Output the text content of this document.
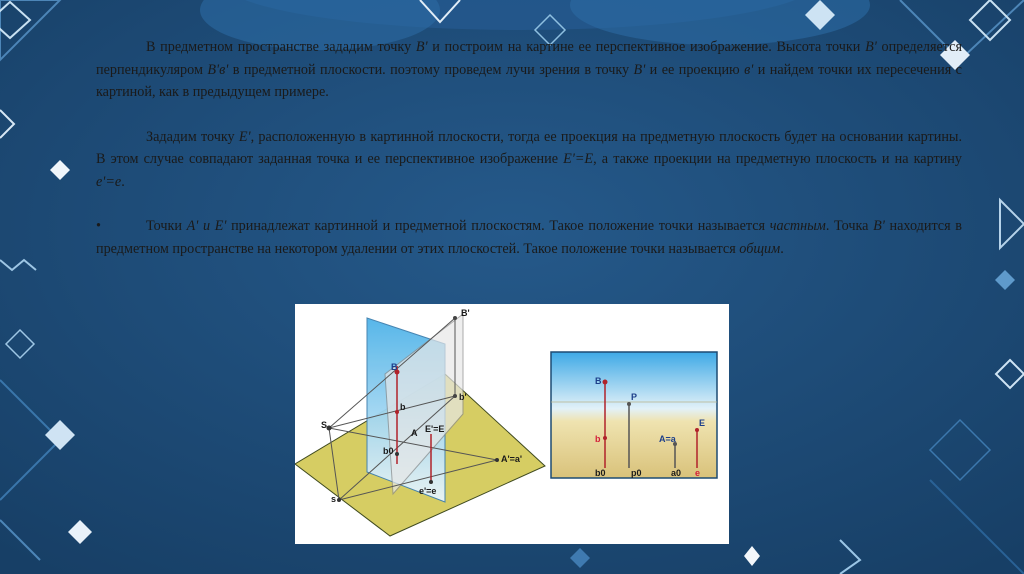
В предметном пространстве зададим точку B' и построим на картине ее перспективное изображение. Высота точки B' определяется перпендикуляром B'в' в предметной плоскости. поэтому проведем лучи зрения в точку B' и ее проекцию в' и найдем точки их пересечения с картиной, как в предыдущем примере.

Зададим точку E', расположенную в картинной плоскости, тогда ее проекция на предметную плоскость будет на основании картины. В этом случае совпадают заданная точка и ее перспективное изображение E'=E, а также проекции на предметную плоскость и на картину e'=e.

•	Точки A' и E' принадлежат картинной и предметной плоскостям. Такое положение точки называется частным. Точка B' находится в предметном пространстве на некотором удалении от этих плоскостей. Такое положение точки называется общим.

B'
B
b
b'
S
s
A E'=E
b0
A'=a'
e'=e
B
P
b	A=a
E
b0	p0	a0 e
